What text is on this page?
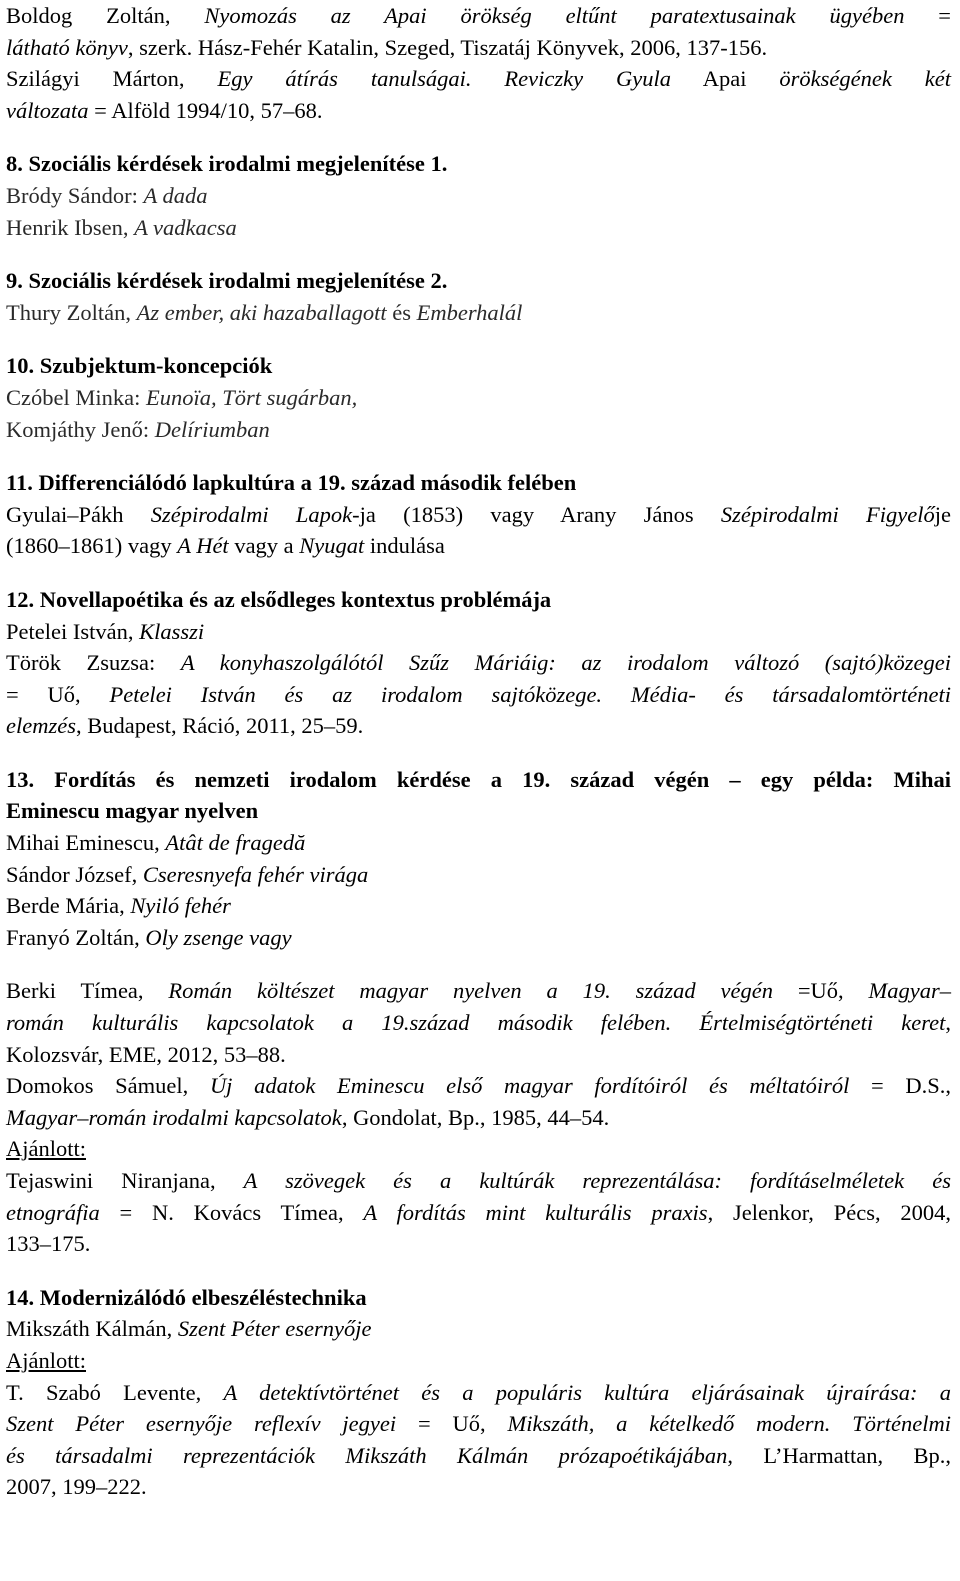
Boldog Zoltán, Nyomozás az Apai örökség eltűnt paratextusainak ügyében =
látható könyv, szerk. Hász-Fehér Katalin, Szeged, Tiszatáj Könyvek, 2006, 137-156.
Szilágyi Márton, Egy átírás tanulságai. Reviczky Gyula Apai örökségének két
változata = Alföld 1994/10, 57–68.
8. Szociális kérdések irodalmi megjelenítése 1.
Bródy Sándor: A dada
Henrik Ibsen, A vadkacsa
9. Szociális kérdések irodalmi megjelenítése 2.
Thury Zoltán, Az ember, aki hazaballagott és Emberhalál
10. Szubjektum-koncepciók
Czóbel Minka: Eunoïa, Tört sugárban,
Komjáthy Jenő: Delíriumban
11. Differenciálódó lapkultúra a 19. század második felében
Gyulai–Pákh Szépirodalmi Lapok-ja (1853) vagy Arany János Szépirodalmi Figyelője
(1860–1861) vagy A Hét vagy a Nyugat indulása
12. Novellapoétika és az elsődleges kontextus problémája
Petelei István, Klasszi
Török Zsuzsa: A konyhaszolgálótól Szűz Máriáig: az irodalom változó (sajtó)közegei
= Uő, Petelei István és az irodalom sajtóközege. Média- és társadalomtörténeti
elemzés, Budapest, Ráció, 2011, 25–59.
13. Fordítás és nemzeti irodalom kérdése a 19. század végén – egy példa: Mihai
Eminescu magyar nyelven
Mihai Eminescu, Atât de fragedă
Sándor József, Cseresnyefa fehér virága
Berde Mária, Nyiló fehér
Franyó Zoltán, Oly zsenge vagy
Berki Tímea, Román költészet magyar nyelven a 19. század végén =Uő, Magyar–
román kulturális kapcsolatok a 19.század második felében. Értelmiségtörténeti keret,
Kolozsvár, EME, 2012, 53–88.
Domokos Sámuel, Új adatok Eminescu első magyar fordítóiról és méltatóiról = D.S.,
Magyar–román irodalmi kapcsolatok, Gondolat, Bp., 1985, 44–54.
Ajánlott:
Tejaswini Niranjana, A szövegek és a kultúrák reprezentálása: fordításelméletek és
etnográfia = N. Kovács Tímea, A fordítás mint kulturális praxis, Jelenkor, Pécs, 2004,
133–175.
14. Modernizálódó elbeszéléstechnika
Mikszáth Kálmán, Szent Péter esernyője
Ajánlott:
T. Szabó Levente, A detektívtörténet és a populáris kultúra eljárásainak újraírása: a
Szent Péter esernyője reflexív jegyei = Uő, Mikszáth, a kételkedő modern. Történelmi
és társadalmi reprezentációk Mikszáth Kálmán prózapoétikájában, L’Harmattan, Bp.,
2007, 199–222.
